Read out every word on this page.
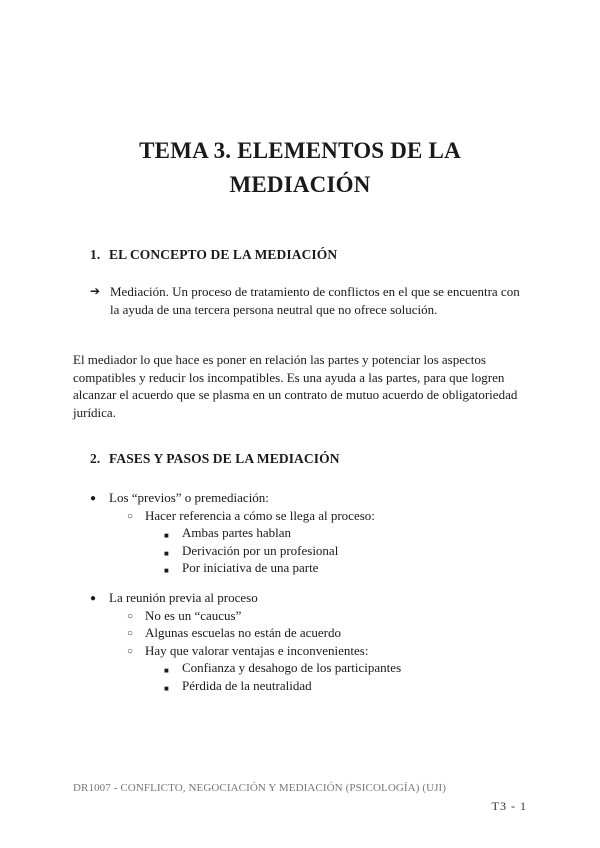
TEMA 3. ELEMENTOS DE LA
MEDIACIÓN
1. EL CONCEPTO DE LA MEDIACIÓN
➔ Mediación. Un proceso de tratamiento de conflictos en el que se encuentra con la ayuda de una tercera persona neutral que no ofrece solución.
El mediador lo que hace es poner en relación las partes y potenciar los aspectos compatibles y reducir los incompatibles. Es una ayuda a las partes, para que logren alcanzar el acuerdo que se plasma en un contrato de mutuo acuerdo de obligatoriedad jurídica.
2. FASES Y PASOS DE LA MEDIACIÓN
● Los “previos” o premediación:
○ Hacer referencia a cómo se llega al proceso:
■ Ambas partes hablan
■ Derivación por un profesional
■ Por iniciativa de una parte
● La reunión previa al proceso
○ No es un “caucus”
○ Algunas escuelas no están de acuerdo
○ Hay que valorar ventajas e inconvenientes:
■ Confianza y desahogo de los participantes
■ Pérdida de la neutralidad
DR1007 - CONFLICTO, NEGOCIACIÓN Y MEDIACIÓN (PSICOLOGÍA) (UJI)
T3 - 1
